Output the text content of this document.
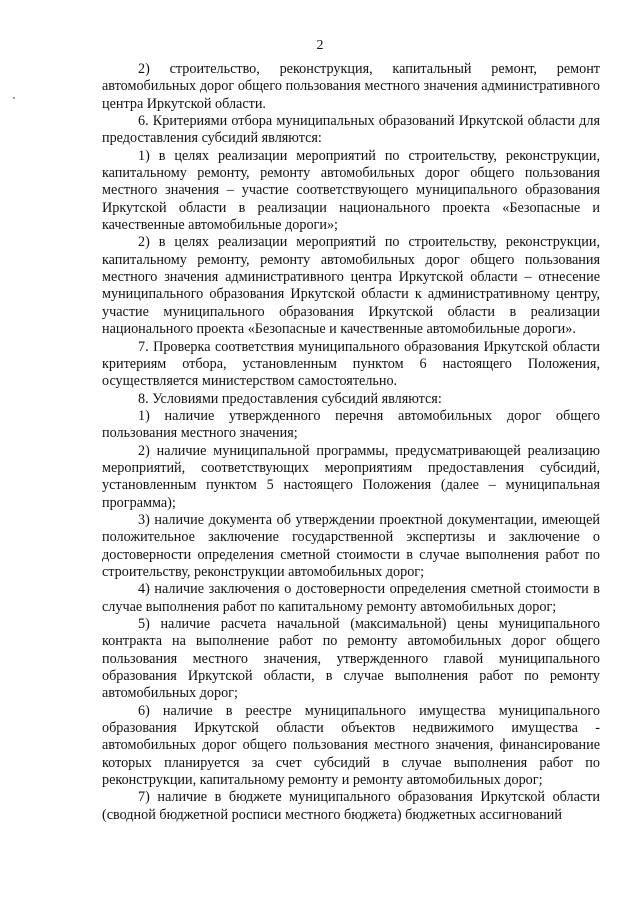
2

2) строительство, реконструкция, капитальный ремонт, ремонт автомобильных дорог общего пользования местного значения административного центра Иркутской области.

6. Критериями отбора муниципальных образований Иркутской области для предоставления субсидий являются:

1) в целях реализации мероприятий по строительству, реконструкции, капитальному ремонту, ремонту автомобильных дорог общего пользования местного значения – участие соответствующего муниципального образования Иркутской области в реализации национального проекта «Безопасные и качественные автомобильные дороги»;

2) в целях реализации мероприятий по строительству, реконструкции, капитальному ремонту, ремонту автомобильных дорог общего пользования местного значения административного центра Иркутской области – отнесение муниципального образования Иркутской области к административному центру, участие муниципального образования Иркутской области в реализации национального проекта «Безопасные и качественные автомобильные дороги».

7. Проверка соответствия муниципального образования Иркутской области критериям отбора, установленным пунктом 6 настоящего Положения, осуществляется министерством самостоятельно.

8. Условиями предоставления субсидий являются:

1) наличие утвержденного перечня автомобильных дорог общего пользования местного значения;

2) наличие муниципальной программы, предусматривающей реализацию мероприятий, соответствующих мероприятиям предоставления субсидий, установленным пунктом 5 настоящего Положения (далее – муниципальная программа);

3) наличие документа об утверждении проектной документации, имеющей положительное заключение государственной экспертизы и заключение о достоверности определения сметной стоимости в случае выполнения работ по строительству, реконструкции автомобильных дорог;

4) наличие заключения о достоверности определения сметной стоимости в случае выполнения работ по капитальному ремонту автомобильных дорог;

5) наличие расчета начальной (максимальной) цены муниципального контракта на выполнение работ по ремонту автомобильных дорог общего пользования местного значения, утвержденного главой муниципального образования Иркутской области, в случае выполнения работ по ремонту автомобильных дорог;

6) наличие в реестре муниципального имущества муниципального образования Иркутской области объектов недвижимого имущества - автомобильных дорог общего пользования местного значения, финансирование которых планируется за счет субсидий в случае выполнения работ по реконструкции, капитальному ремонту и ремонту автомобильных дорог;

7) наличие в бюджете муниципального образования Иркутской области (сводной бюджетной росписи местного бюджета) бюджетных ассигнований
